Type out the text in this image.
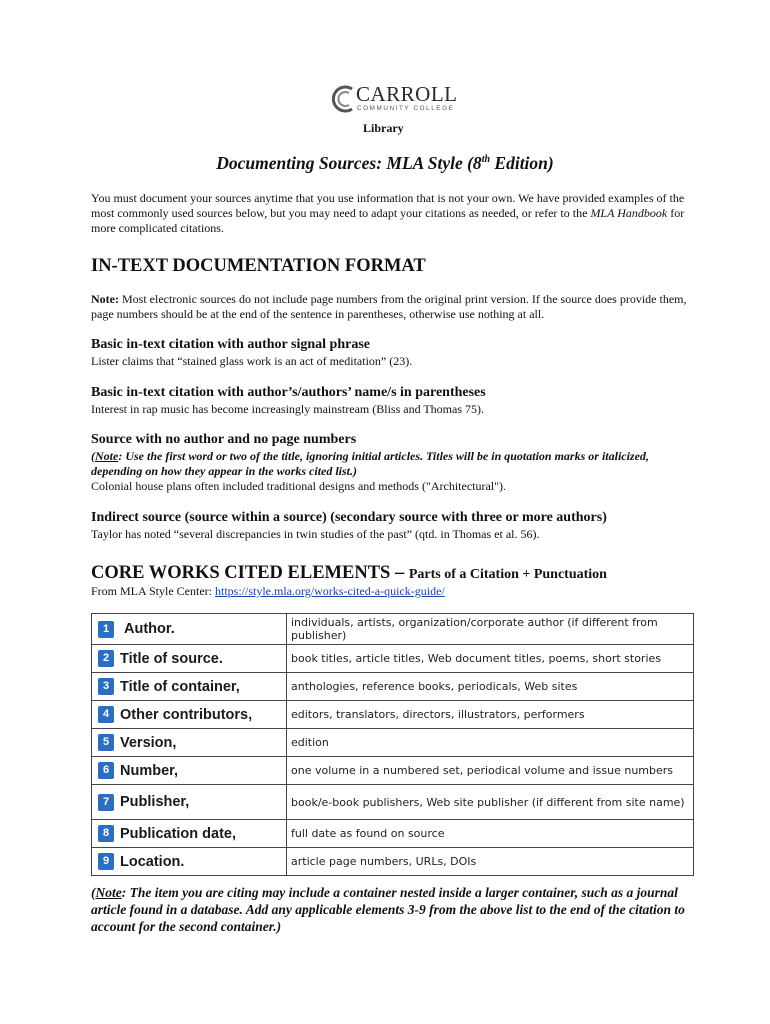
CARROLL
COMMUNITY COLLEGE
Library
Documenting Sources: MLA Style (8th Edition)
You must document your sources anytime that you use information that is not your own. We have provided examples of the most commonly used sources below, but you may need to adapt your citations as needed, or refer to the MLA Handbook for more complicated citations.
IN-TEXT DOCUMENTATION FORMAT
Note: Most electronic sources do not include page numbers from the original print version. If the source does provide them, page numbers should be at the end of the sentence in parentheses, otherwise use nothing at all.
Basic in-text citation with author signal phrase
Lister claims that “stained glass work is an act of meditation” (23).
Basic in-text citation with author’s/authors’ name/s in parentheses
Interest in rap music has become increasingly mainstream (Bliss and Thomas 75).
Source with no author and no page numbers
(Note: Use the first word or two of the title, ignoring initial articles. Titles will be in quotation marks or italicized, depending on how they appear in the works cited list.)
Colonial house plans often included traditional designs and methods ("Architectural").
Indirect source (source within a source) (secondary source with three or more authors)
Taylor has noted “several discrepancies in twin studies of the past” (qtd. in Thomas et al. 56).
CORE WORKS CITED ELEMENTS – Parts of a Citation + Punctuation
From MLA Style Center: https://style.mla.org/works-cited-a-quick-guide/
1 Author.	individuals, artists, organization/corporate author (if different from publisher)

2 Title of source.	book titles, article titles, Web document titles, poems, short stories

3 Title of container,	anthologies, reference books, periodicals, Web sites

4 Other contributors,	editors, translators, directors, illustrators, performers

5 Version,	edition

6 Number,	one volume in a numbered set, periodical volume and issue numbers

7 Publisher,	book/e-book publishers, Web site publisher (if different from site name)

8 Publication date,	full date as found on source

9 Location.	article page numbers, URLs, DOIs
(Note: The item you are citing may include a container nested inside a larger container, such as a journal article found in a database. Add any applicable elements 3-9 from the above list to the end of the citation to account for the second container.)
